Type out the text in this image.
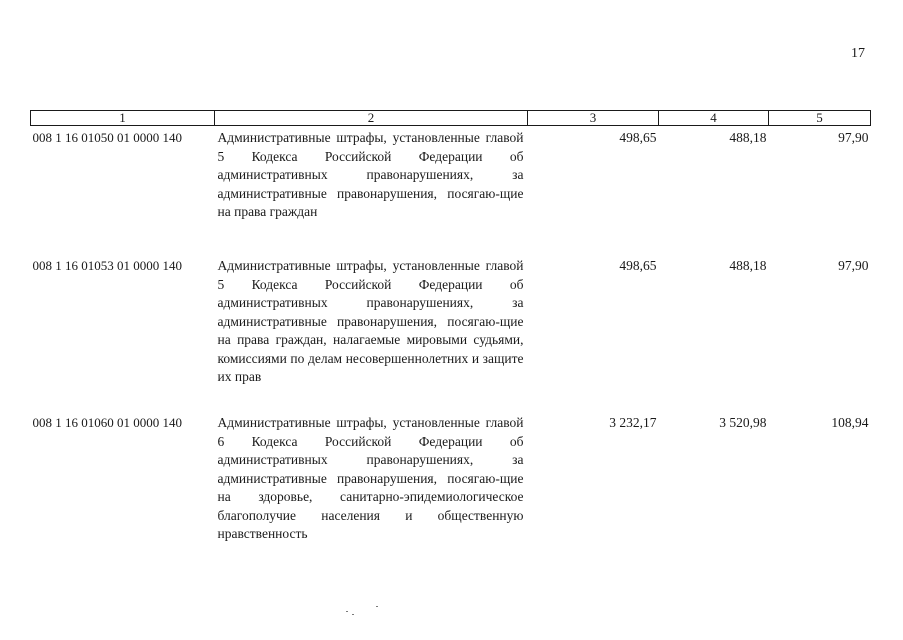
17
1	2	3	4	5
008 1 16 01050 01 0000 140	Административные штрафы, установленные главой 5 Кодекса Российской Федерации об административных правонарушениях, за административные правонарушения, посягаю-щие на права граждан	498,65	488,18	97,90
008 1 16 01053 01 0000 140	Административные штрафы, установленные главой 5 Кодекса Российской Федерации об административных правонарушениях, за административные правонарушения, посягаю-щие на права граждан, налагаемые мировыми судьями, комиссиями по делам несовершеннолетних и защите их прав	498,65	488,18	97,90
008 1 16 01060 01 0000 140	Административные штрафы, установленные главой 6 Кодекса Российской Федерации об административных правонарушениях, за административные правонарушения, посягаю-щие на здоровье, санитарно-эпидемиологическое благополучие населения и общественную нравственность	3 232,17	3 520,98	108,94
